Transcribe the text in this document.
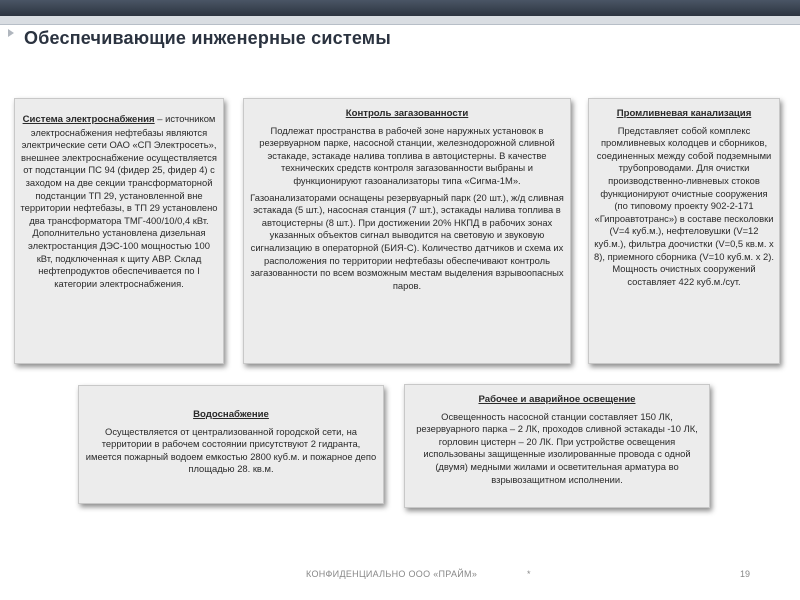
Обеспечивающие инженерные системы
Система электроснабжения – источником электроснабжения нефтебазы являются электрические сети ОАО «СП Электросеть», внешнее электроснабжение осуществляется от подстанции ПС 94 (фидер 25, фидер 4) с заходом на две секции трансформаторной подстанции ТП 29, установленной вне территории нефтебазы, в ТП 29 установлено два трансформатора ТМГ-400/10/0,4 кВт. Дополнительно установлена дизельная электростанция ДЭС-100 мощностью 100 кВт, подключенная к щиту АВР. Склад нефтепродуктов обеспечивается по I категории электроснабжения.
Контроль загазованности

Подлежат пространства в рабочей зоне наружных установок в резервуарном парке, насосной станции, железнодорожной сливной эстакаде, эстакаде налива топлива в автоцистерны. В качестве технических средств контроля загазованности выбраны и функционируют газоанализаторы типа «Сигма-1М».

Газоанализаторами оснащены резервуарный парк (20 шт.), ж/д сливная эстакада (5 шт.), насосная станция (7 шт.), эстакады налива топлива в автоцистерны (8 шт.). При достижении 20% НКПД в рабочих зонах указанных объектов сигнал выводится на световую и звуковую сигнализацию в операторной (БИЯ-С). Количество датчиков и схема их расположения по территории нефтебазы обеспечивают контроль загазованности по всем возможным местам выделения взрывоопасных паров.

Промливневая канализация

Представляет собой комплекс промливневых колодцев и сборников, соединенных между собой подземными трубопроводами. Для очистки производственно-ливневых стоков функционируют очистные сооружения (по типовому проекту 902-2-171 «Гипроавтотранс») в составе песколовки (V=4 куб.м.), нефтеловушки (V=12 куб.м.), фильтра доочистки (V=0,5 кв.м. х 8), приемного сборника (V=10 куб.м. х 2). Мощность очистных сооружений составляет 422 куб.м./сут.

Водоснабжение

Осуществляется от централизованной городской сети, на территории в рабочем состоянии присутствуют 2 гидранта, имеется пожарный водоем емкостью 2800 куб.м. и пожарное депо площадью 28. кв.м.

Рабочее и аварийное освещение

Освещенность насосной станции составляет 150 ЛК, резервуарного парка – 2 ЛК, проходов сливной эстакады -10 ЛК, горловин цистерн – 20 ЛК. При устройстве освещения использованы защищенные изолированные провода с одной (двумя) медными жилами и осветительная арматура во взрывозащитном исполнении.

КОНФИДЕНЦИАЛЬНО ООО «ПРАЙМ»	*	19
